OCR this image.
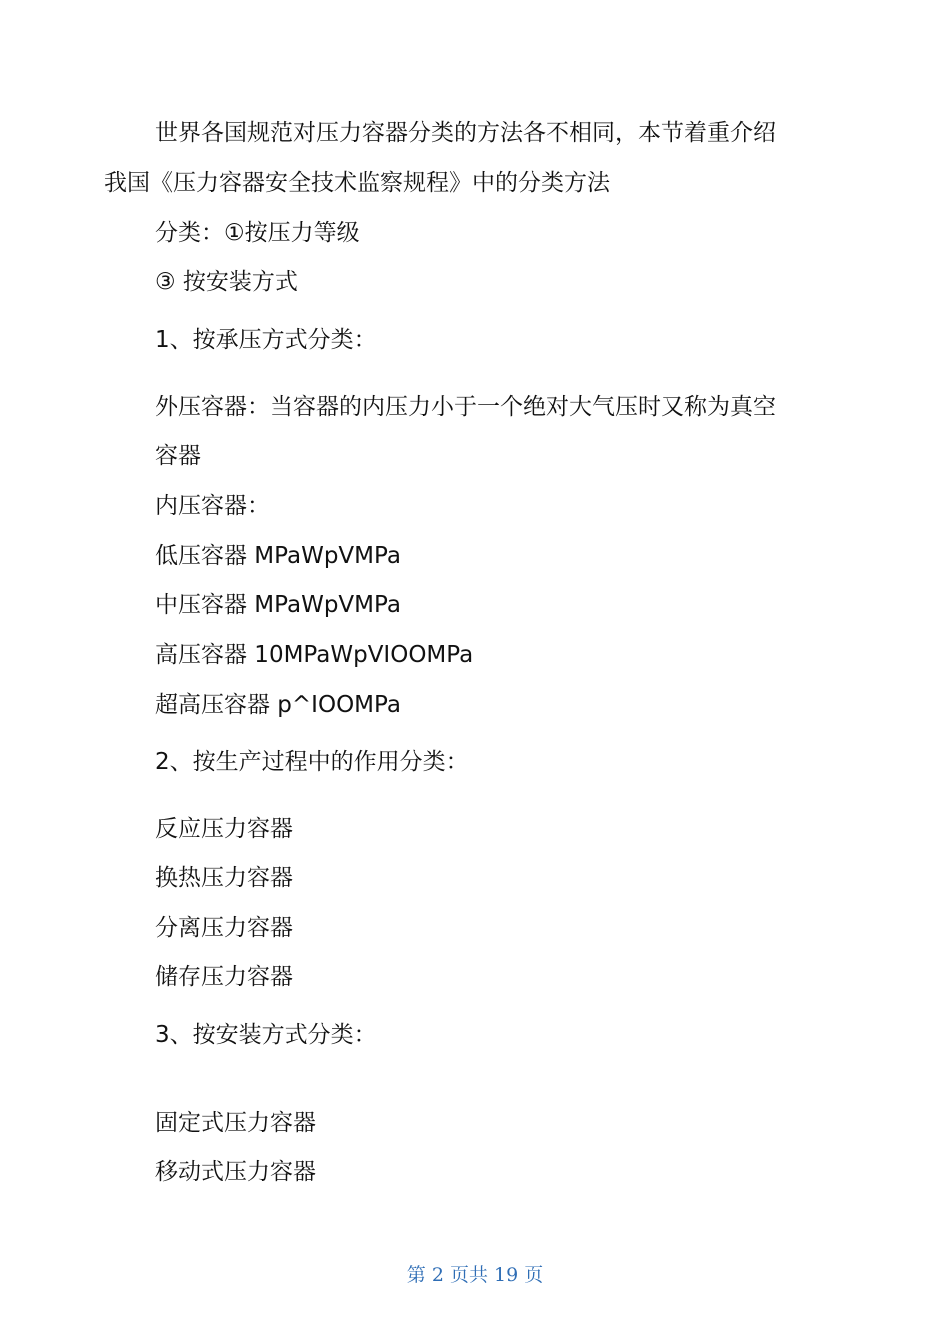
世界各国规范对压力容器分类的方法各不相同，本节着重介绍

我国《压力容器安全技术监察规程》中的分类方法

分类：①按压力等级

③ 按安装方式

1、按承压方式分类：

外压容器：当容器的内压力小于一个绝对大气压时又称为真空

容器

内压容器：

低压容器 MPaWpVMPa

中压容器 MPaWpVMPa

高压容器 10MPaWpVIOOMPa

超高压容器 p^IOOMPa

2、按生产过程中的作用分类：

反应压力容器

换热压力容器

分离压力容器

储存压力容器

3、按安装方式分类：

固定式压力容器

移动式压力容器

第 2 页共 19 页
